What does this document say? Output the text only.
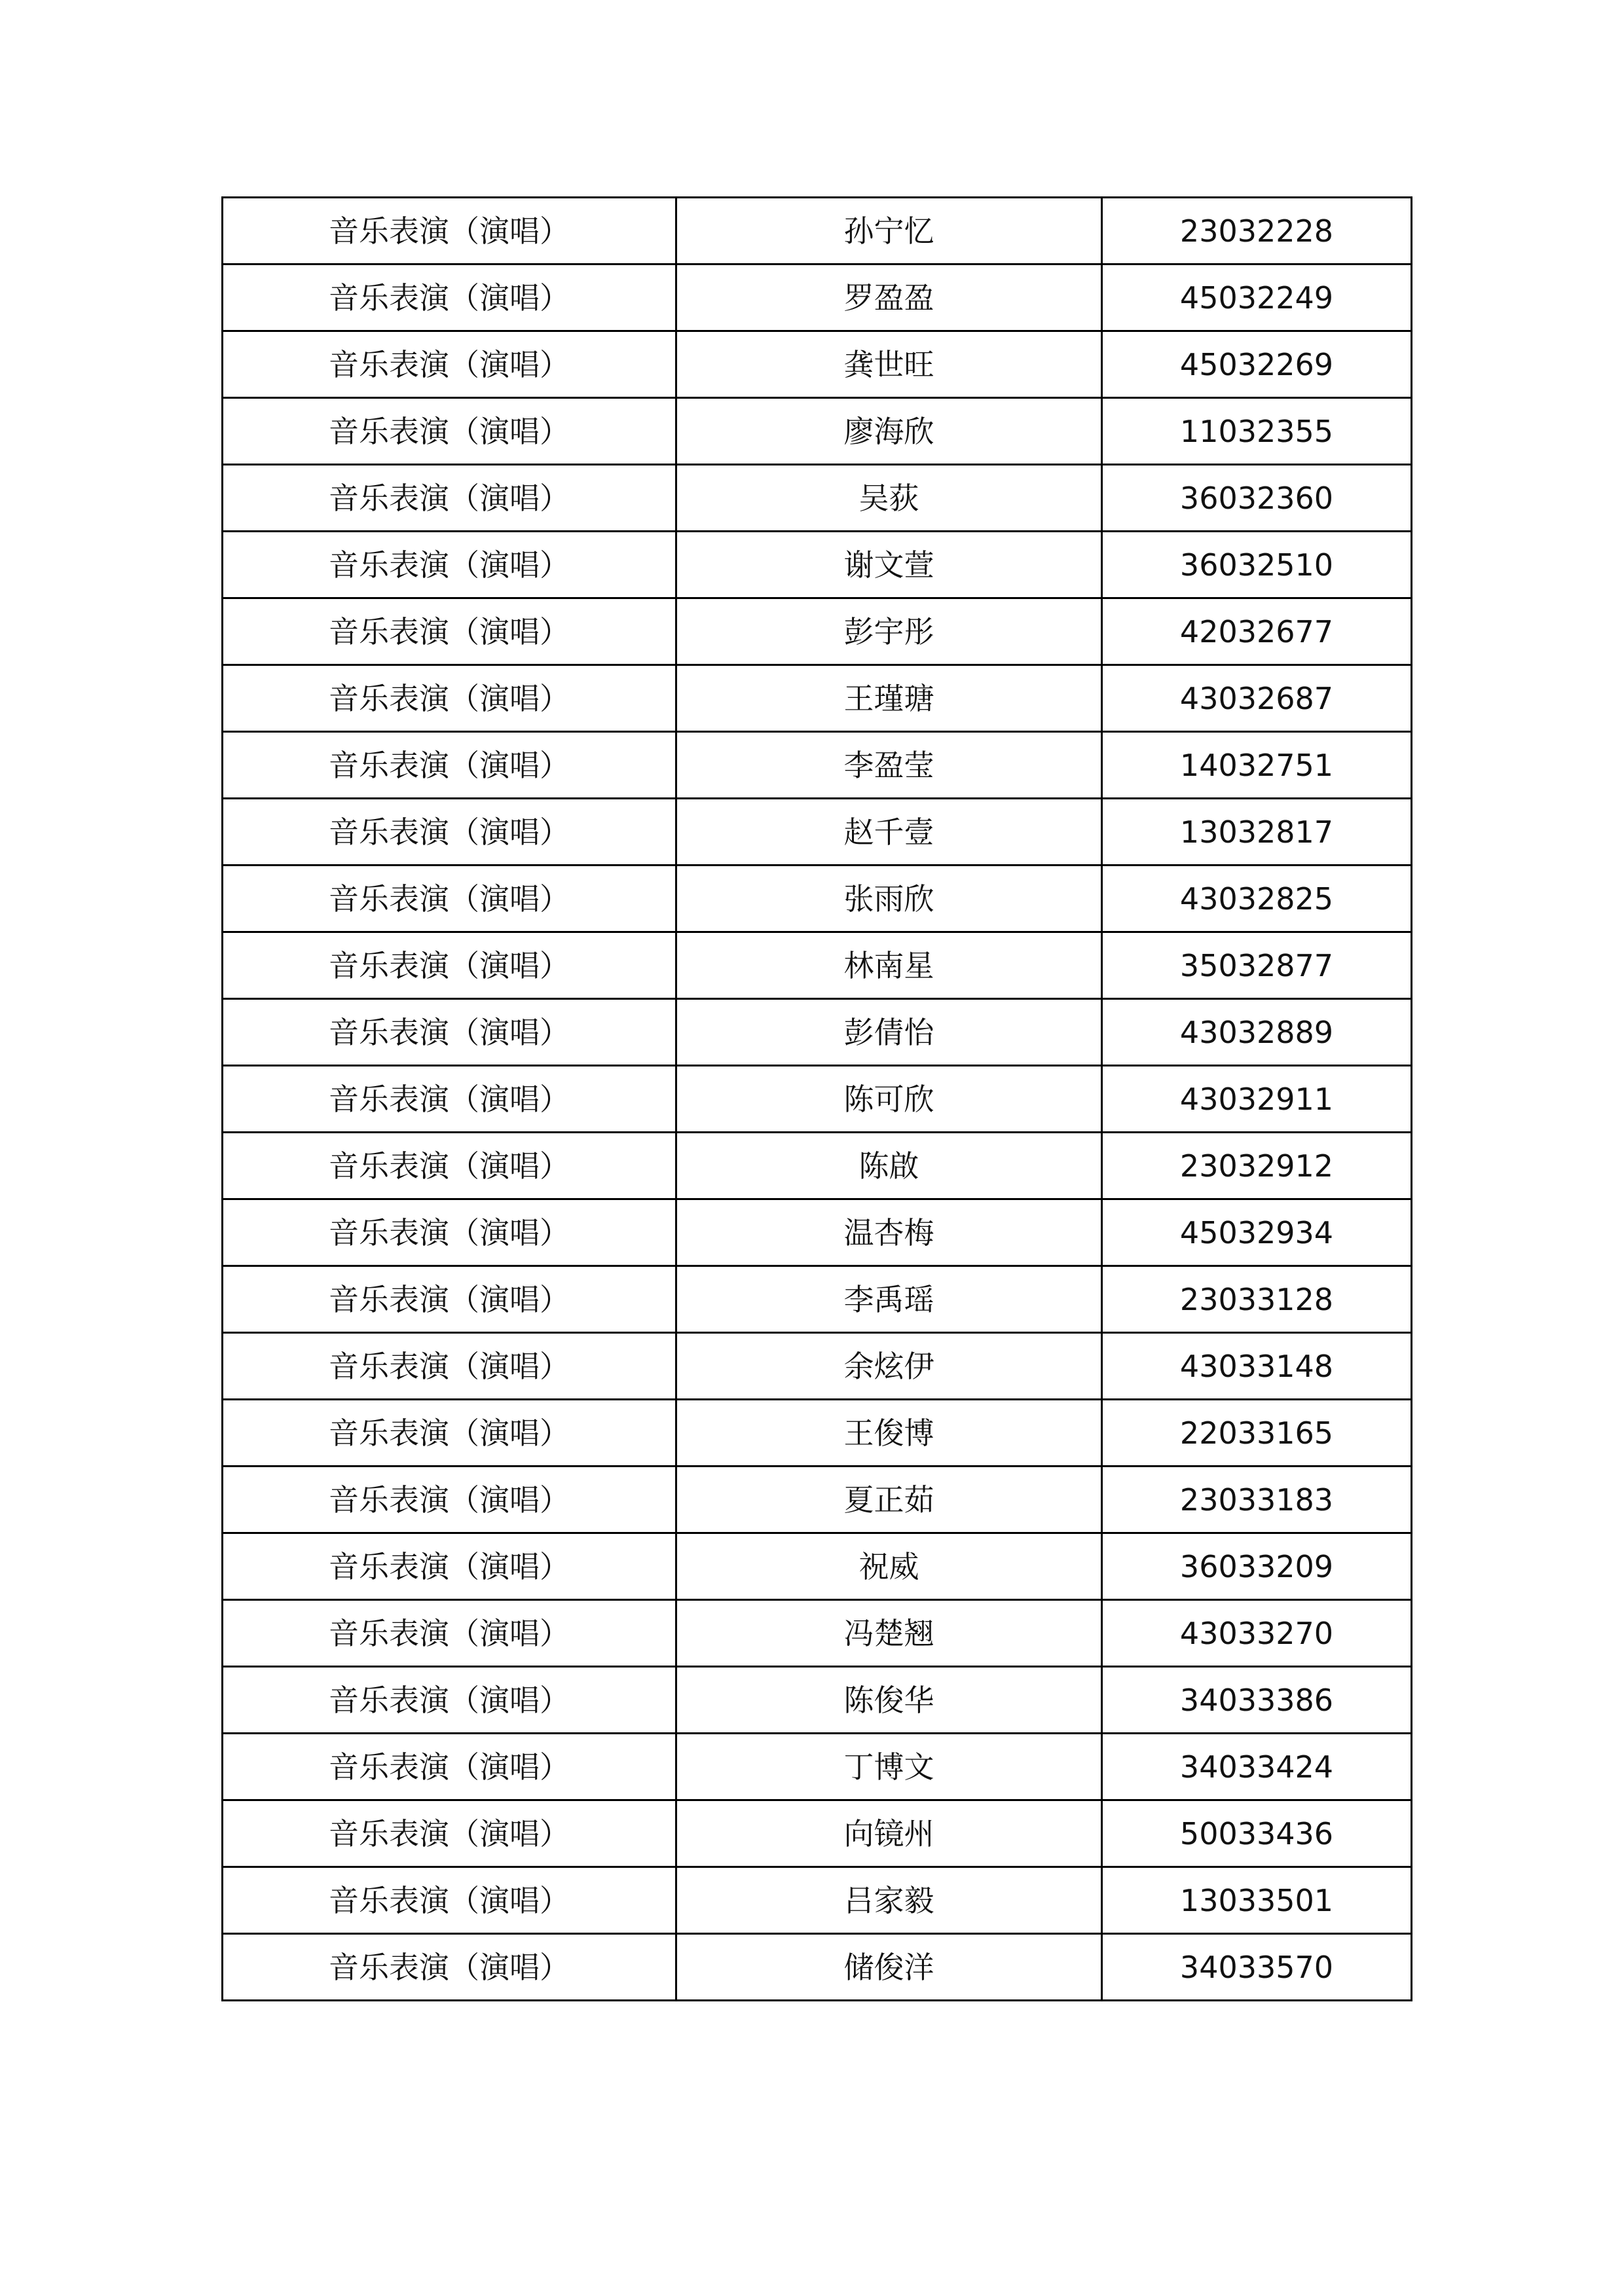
音乐表演（演唱）	孙宁忆	23032228
音乐表演（演唱）	罗盈盈	45032249
音乐表演（演唱）	龚世旺	45032269
音乐表演（演唱）	廖海欣	11032355
音乐表演（演唱）	吴荻	36032360
音乐表演（演唱）	谢文萱	36032510
音乐表演（演唱）	彭宇彤	42032677
音乐表演（演唱）	王瑾瑭	43032687
音乐表演（演唱）	李盈莹	14032751
音乐表演（演唱）	赵千壹	13032817
音乐表演（演唱）	张雨欣	43032825
音乐表演（演唱）	林南星	35032877
音乐表演（演唱）	彭倩怡	43032889
音乐表演（演唱）	陈可欣	43032911
音乐表演（演唱）	陈啟	23032912
音乐表演（演唱）	温杏梅	45032934
音乐表演（演唱）	李禹瑶	23033128
音乐表演（演唱）	余炫伊	43033148
音乐表演（演唱）	王俊博	22033165
音乐表演（演唱）	夏正茹	23033183
音乐表演（演唱）	祝威	36033209
音乐表演（演唱）	冯楚翘	43033270
音乐表演（演唱）	陈俊华	34033386
音乐表演（演唱）	丁博文	34033424
音乐表演（演唱）	向镜州	50033436
音乐表演（演唱）	吕家毅	13033501
音乐表演（演唱）	储俊洋	34033570
